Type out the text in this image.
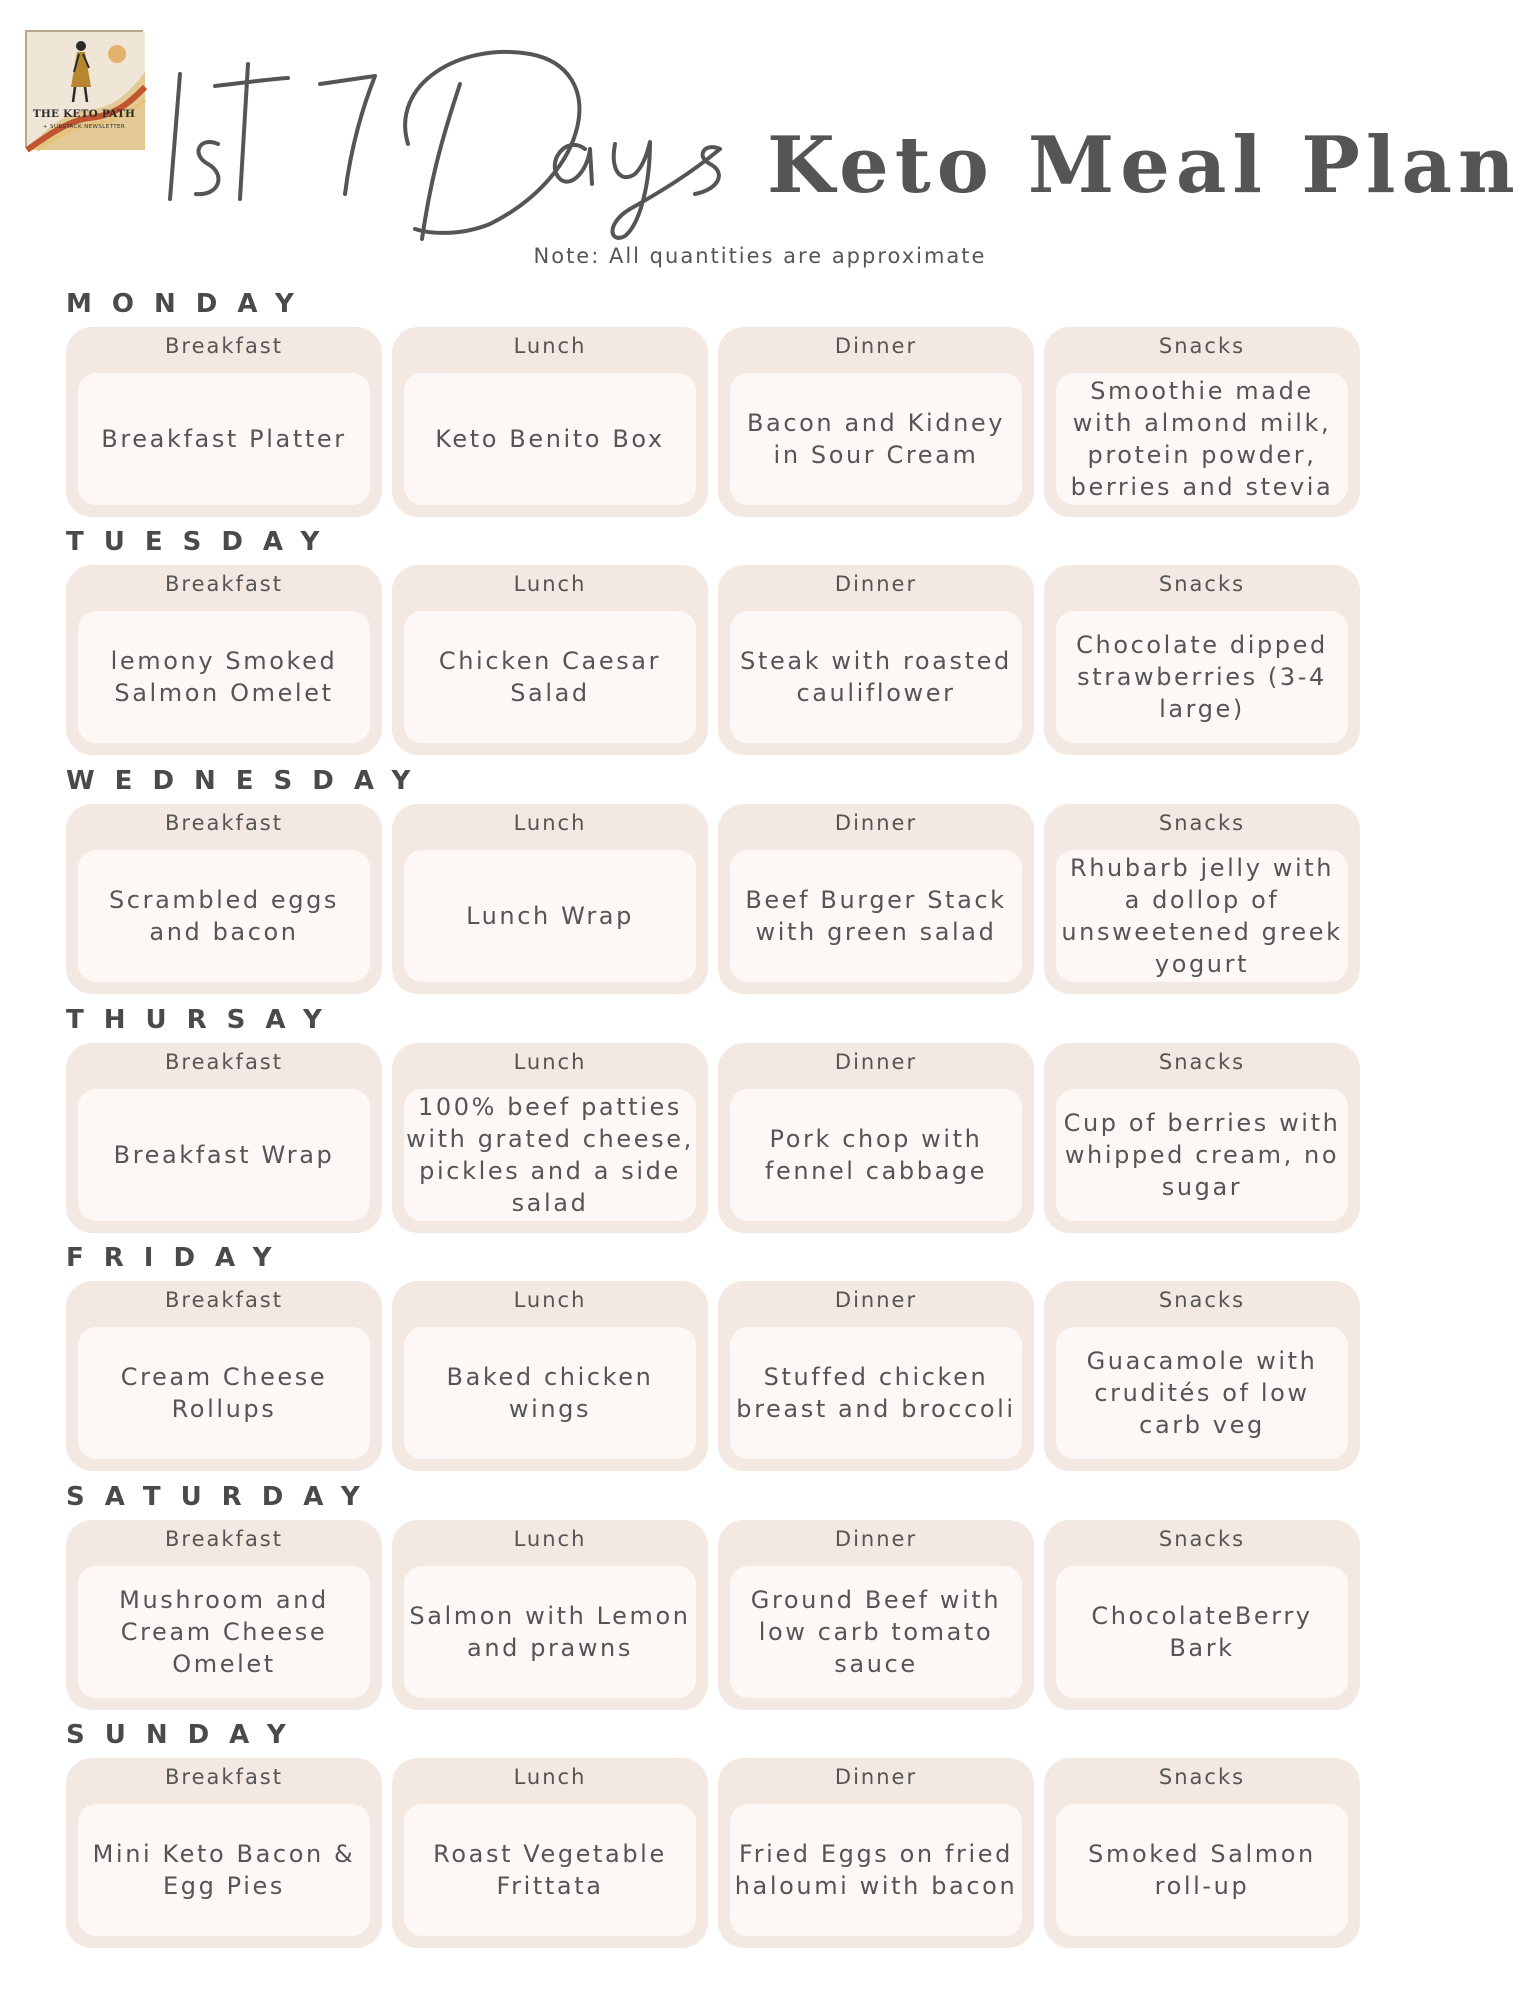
THE KETO PATH
+ SUBSTACK NEWSLETTER	Keto Meal Plan
Note: All quantities are approximate
MONDAY
Breakfast
Breakfast Platter
Lunch
Keto Benito Box
Dinner
Bacon and Kidney in Sour Cream
Snacks
Smoothie made with almond milk, protein powder, berries and stevia
TUESDAY
Breakfast
lemony Smoked Salmon Omelet
Lunch
Chicken Caesar Salad
Dinner
Steak with roasted cauliflower
Snacks
Chocolate dipped strawberries (3-4 large)
WEDNESDAY
Breakfast
Scrambled eggs and bacon
Lunch
Lunch Wrap
Dinner
Beef Burger Stack with green salad
Snacks
Rhubarb jelly with a dollop of unsweetened greek yogurt
THURSAY
Breakfast
Breakfast Wrap
Lunch
100% beef patties with grated cheese, pickles and a side salad
Dinner
Pork chop with fennel cabbage
Snacks
Cup of berries with whipped cream, no sugar
FRIDAY
Breakfast
Cream Cheese Rollups
Lunch
Baked chicken wings
Dinner
Stuffed chicken breast and broccoli
Snacks
Guacamole with crudités of low carb veg
SATURDAY
Breakfast
Mushroom and Cream Cheese Omelet
Lunch
Salmon with Lemon and prawns
Dinner
Ground Beef with low carb tomato sauce
Snacks
ChocolateBerry Bark
SUNDAY
Breakfast
Mini Keto Bacon & Egg Pies
Lunch
Roast Vegetable Frittata
Dinner
Fried Eggs on fried haloumi with bacon
Snacks
Smoked Salmon roll-up
